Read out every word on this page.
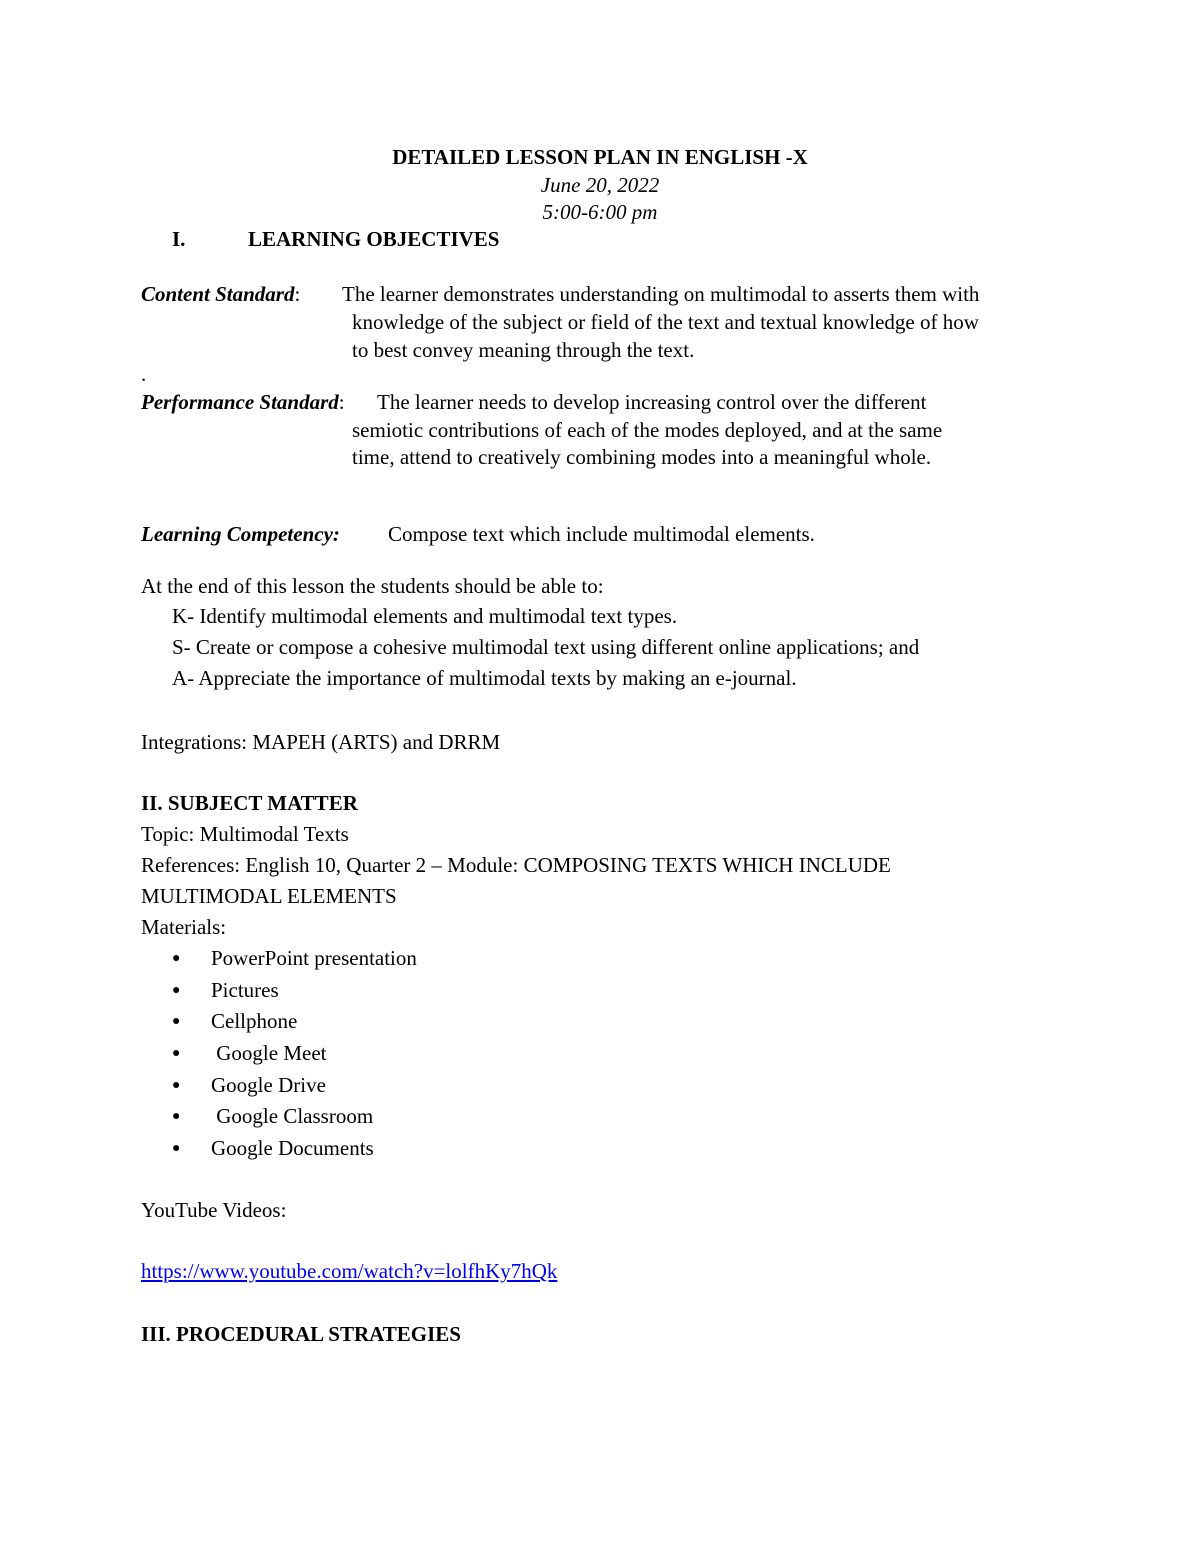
DETAILED LESSON PLAN IN ENGLISH -X
June 20, 2022
5:00-6:00 pm
I.	LEARNING OBJECTIVES
Content Standard: The learner demonstrates understanding on multimodal to asserts them with
knowledge of the subject or field of the text and textual knowledge of how
to best convey meaning through the text.
.
Performance Standard: The learner needs to develop increasing control over the different
semiotic contributions of each of the modes deployed, and at the same
time, attend to creatively combining modes into a meaningful whole.
Learning Competency: Compose text which include multimodal elements.
At the end of this lesson the students should be able to:
K- Identify multimodal elements and multimodal text types.
S- Create or compose a cohesive multimodal text using different online applications; and
A- Appreciate the importance of multimodal texts by making an e-journal.
Integrations: MAPEH (ARTS) and DRRM
II. SUBJECT MATTER
Topic: Multimodal Texts
References: English 10, Quarter 2 – Module: COMPOSING TEXTS WHICH INCLUDE
MULTIMODAL ELEMENTS
Materials:
● PowerPoint presentation
● Pictures
● Cellphone
● Google Meet
● Google Drive
● Google Classroom
● Google Documents
YouTube Videos:
https://www.youtube.com/watch?v=lolfhKy7hQk
III. PROCEDURAL STRATEGIES
